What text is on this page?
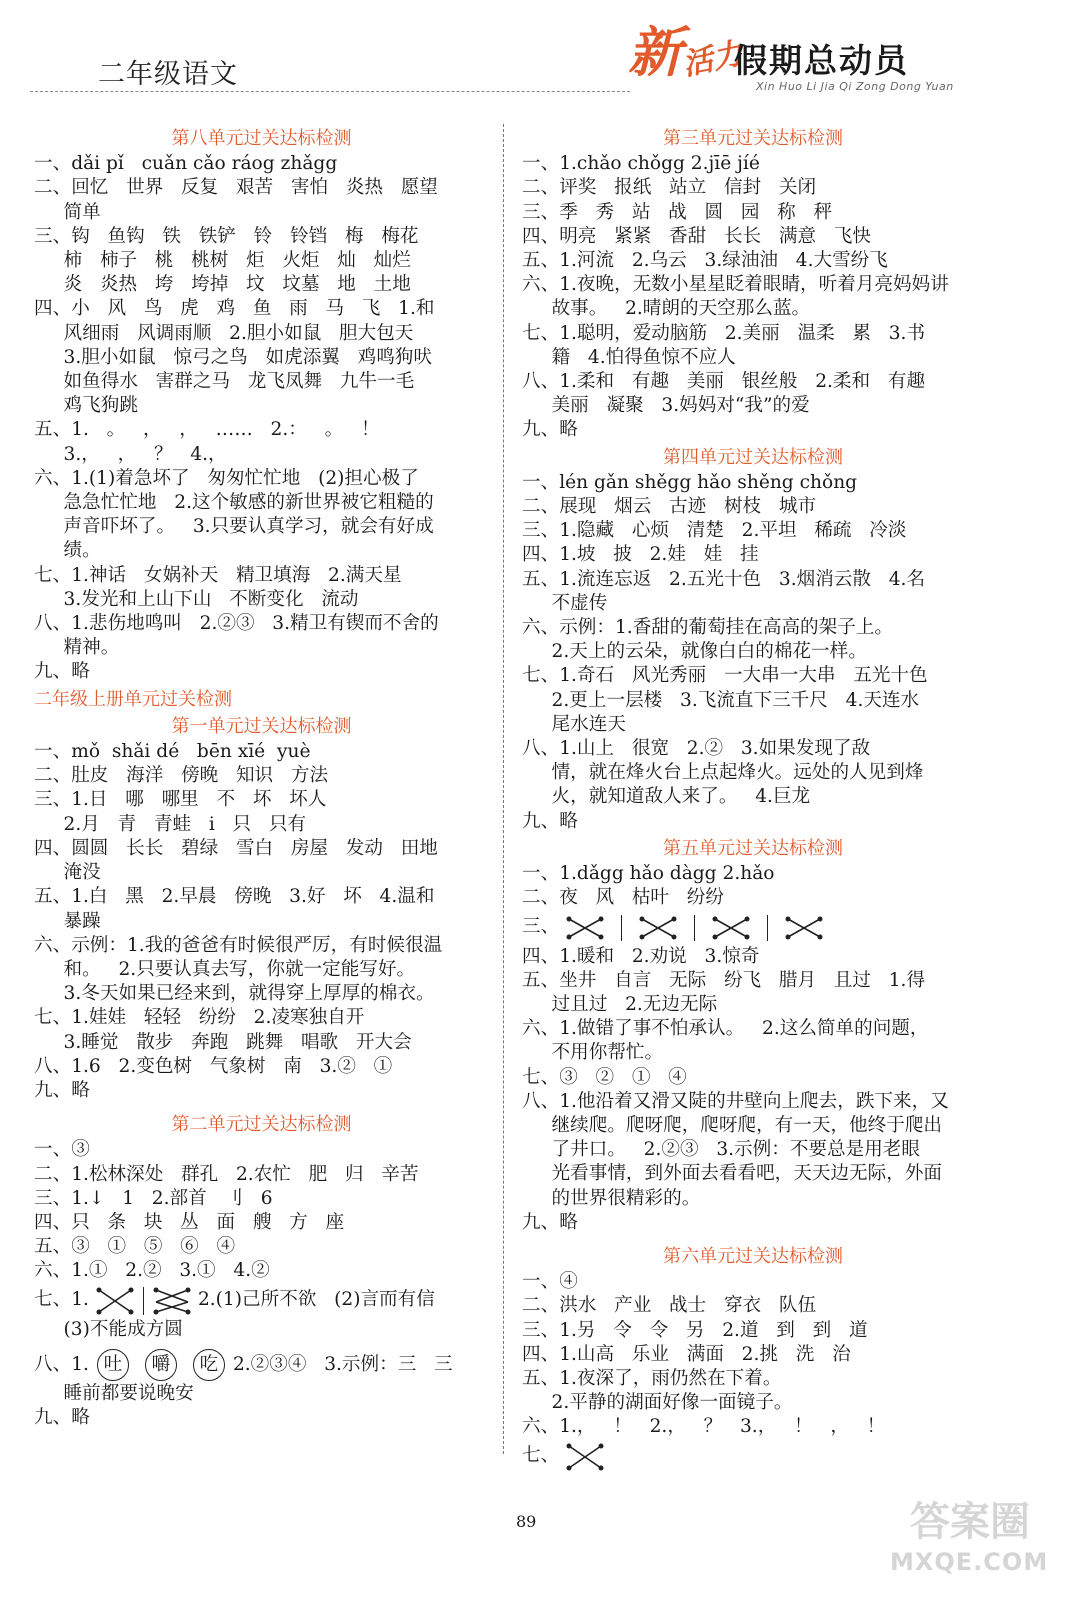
二年级语文	新
活力
假期总动员
Xin Huo Li Jia Qi Zong Dong Yuan
第八单元过关达标检测
一、dǎi pǐ   cuǎn cǎo ráog zhǎgg
二、回忆   世界   反复   艰苦   害怕   炎热   愿望
简单
三、钩   鱼钩   铁   铁铲   铃   铃铛   梅   梅花
柿   柿子   桃   桃树   炬   火炬   灿   灿烂
炎   炎热   垮   垮掉   坟   坟墓   地   土地
四、小   风   鸟   虎   鸡   鱼   雨   马   飞   1.和
风细雨   风调雨顺   2.胆小如鼠   胆大包天
3.胆小如鼠   惊弓之鸟   如虎添翼   鸡鸣狗吠
如鱼得水   害群之马   龙飞凤舞   九牛一毛
鸡飞狗跳
五、1.   。   ，   ，   ……   2.：   。   ！
3.，   ，   ？   4.，
六、1.(1)着急坏了   匆匆忙忙地   (2)担心极了
急急忙忙地   2.这个敏感的新世界被它粗糙的
声音吓坏了。   3.只要认真学习，就会有好成
绩。
七、1.神话   女娲补天   精卫填海   2.满天星
3.发光和上山下山   不断变化   流动
八、1.悲伤地鸣叫   2.②③   3.精卫有锲而不舍的
精神。
九、略
二年级上册单元过关检测
第一单元过关达标检测
一、mǒ  shǎi dé   bēn xīé  yuè
二、肚皮   海洋   傍晚   知识   方法
三、1.日   哪   哪里   不   坏   坏人
2.月   青   青蛙   i   只   只有
四、圆圆   长长   碧绿   雪白   房屋   发动   田地
淹没
五、1.白   黑   2.早晨   傍晚   3.好   坏   4.温和
暴躁
六、示例：1.我的爸爸有时候很严厉，有时候很温
和。   2.只要认真去写，你就一定能写好。
3.冬天如果已经来到，就得穿上厚厚的棉衣。
七、1.娃娃   轻轻   纷纷   2.凌寒独自开
3.睡觉   散步   奔跑   跳舞   唱歌   开大会
八、1.6   2.变色树   气象树   南   3.②   ①
九、略
第二单元过关达标检测
一、③
二、1.松林深处   群孔   2.农忙   肥   归   辛苦
三、1.↓   1   2.部首   刂   6
四、只   条   块   丛   面   艘   方   座
五、③   ①   ⑤   ⑥   ④
六、1.①   2.②   3.①   4.②
七、1.	2.(1)己所不欲   (2)言而有信
(3)不能成方圆
八、1. 吐	嚼	吃 2.②③④   3.示例：三   三
睡前都要说晚安
九、略
第三单元过关达标检测
一、1.chǎo chǒgg 2.jīē jíé
二、评奖   报纸   站立   信封   关闭
三、季   秀   站   战   圆   园   称   秤
四、明亮   紧紧   香甜   长长   满意   飞快
五、1.河流   2.乌云   3.绿油油   4.大雪纷飞
六、1.夜晚，无数小星星眨着眼睛，听着月亮妈妈讲
故事。   2.晴朗的天空那么蓝。
七、1.聪明，爱动脑筋   2.美丽   温柔   累   3.书
籍   4.怕得鱼惊不应人
八、1.柔和   有趣   美丽   银丝般   2.柔和   有趣
美丽   凝聚   3.妈妈对“我”的爱
九、略
第四单元过关达标检测
一、lén gǎn shěgg hǎo shěng chǒng
二、展现   烟云   古迹   树枝   城市
三、1.隐藏   心烦   清楚   2.平坦   稀疏   冷淡
四、1.坡   披   2.娃   娃   挂
五、1.流连忘返   2.五光十色   3.烟消云散   4.名
不虚传
六、示例：1.香甜的葡萄挂在高高的架子上。
2.天上的云朵，就像白白的棉花一样。
七、1.奇石   风光秀丽   一大串一大串   五光十色
2.更上一层楼   3.飞流直下三千尺   4.天连水
尾水连天
八、1.山上   很宽   2.②   3.如果发现了敌
情，就在烽火台上点起烽火。远处的人见到烽
火，就知道敌人来了。   4.巨龙
九、略
第五单元过关达标检测
一、1.dǎgg hǎo dàgg 2.hǎo
二、夜   风   枯叶   纷纷
三、
四、1.暖和   2.劝说   3.惊奇
五、坐井   自言   无际   纷飞   腊月   且过   1.得
过且过   2.无边无际
六、1.做错了事不怕承认。   2.这么简单的问题，
不用你帮忙。
七、③   ②   ①   ④
八、1.他沿着又滑又陡的井壁向上爬去，跌下来，又
继续爬。爬呀爬，爬呀爬，有一天，他终于爬出
了井口。   2.②③   3.示例：不要总是用老眼
光看事情，到外面去看看吧，天天边无际，外面
的世界很精彩的。
九、略
第六单元过关达标检测
一、④
二、洪水   产业   战士   穿衣   队伍
三、1.另   令   令   另   2.道   到   到   道
四、1.山高   乐业   满面   2.挑   洗   治
五、1.夜深了，雨仍然在下着。
2.平静的湖面好像一面镜子。
六、1.，   ！   2.，   ？   3.，   ！   ，   ！
七、
89	答案圈
MXQE.COM
